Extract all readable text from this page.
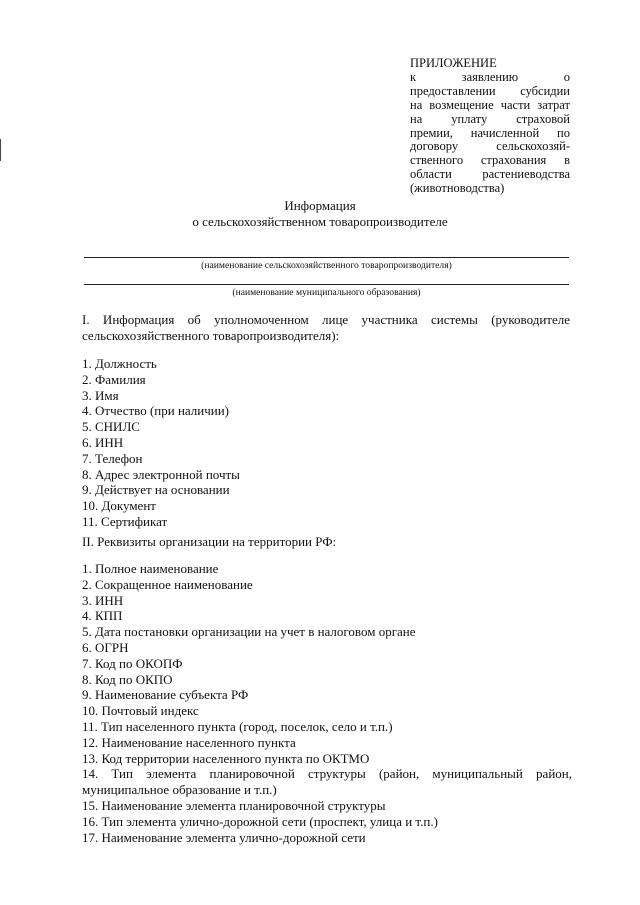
ПРИЛОЖЕНИЕ
к заявлению о
предоставлении субсидии
на возмещение части затрат
на уплату страховой
премии, начисленной по
договору сельскохозяй-
ственного страхования в
области растениеводства
(животноводства)
Информация
о сельскохозяйственном товаропроизводителе
(наименование сельскохозяйственного товаропроизводителя)
(наименование муниципального образования)
I. Информация об уполномоченном лице участника системы (руководителе
сельскохозяйственного товаропроизводителя):
1. Должность
2. Фамилия
3. Имя
4. Отчество (при наличии)
5. СНИЛС
6. ИНН
7. Телефон
8. Адрес электронной почты
9. Действует на основании
10. Документ
11. Сертификат
II. Реквизиты организации на территории РФ:
1. Полное наименование
2. Сокращенное наименование
3. ИНН
4. КПП
5. Дата постановки организации на учет в налоговом органе
6. ОГРН
7. Код по ОКОПФ
8. Код по ОКПО
9. Наименование субъекта РФ
10. Почтовый индекс
11. Тип населенного пункта (город, поселок, село и т.п.)
12. Наименование населенного пункта
13. Код территории населенного пункта по ОКТМО
14. Тип элемента планировочной структуры (район, муниципальный район,
муниципальное образование и т.п.)
15. Наименование элемента планировочной структуры
16. Тип элемента улично-дорожной сети (проспект, улица и т.п.)
17. Наименование элемента улично-дорожной сети
